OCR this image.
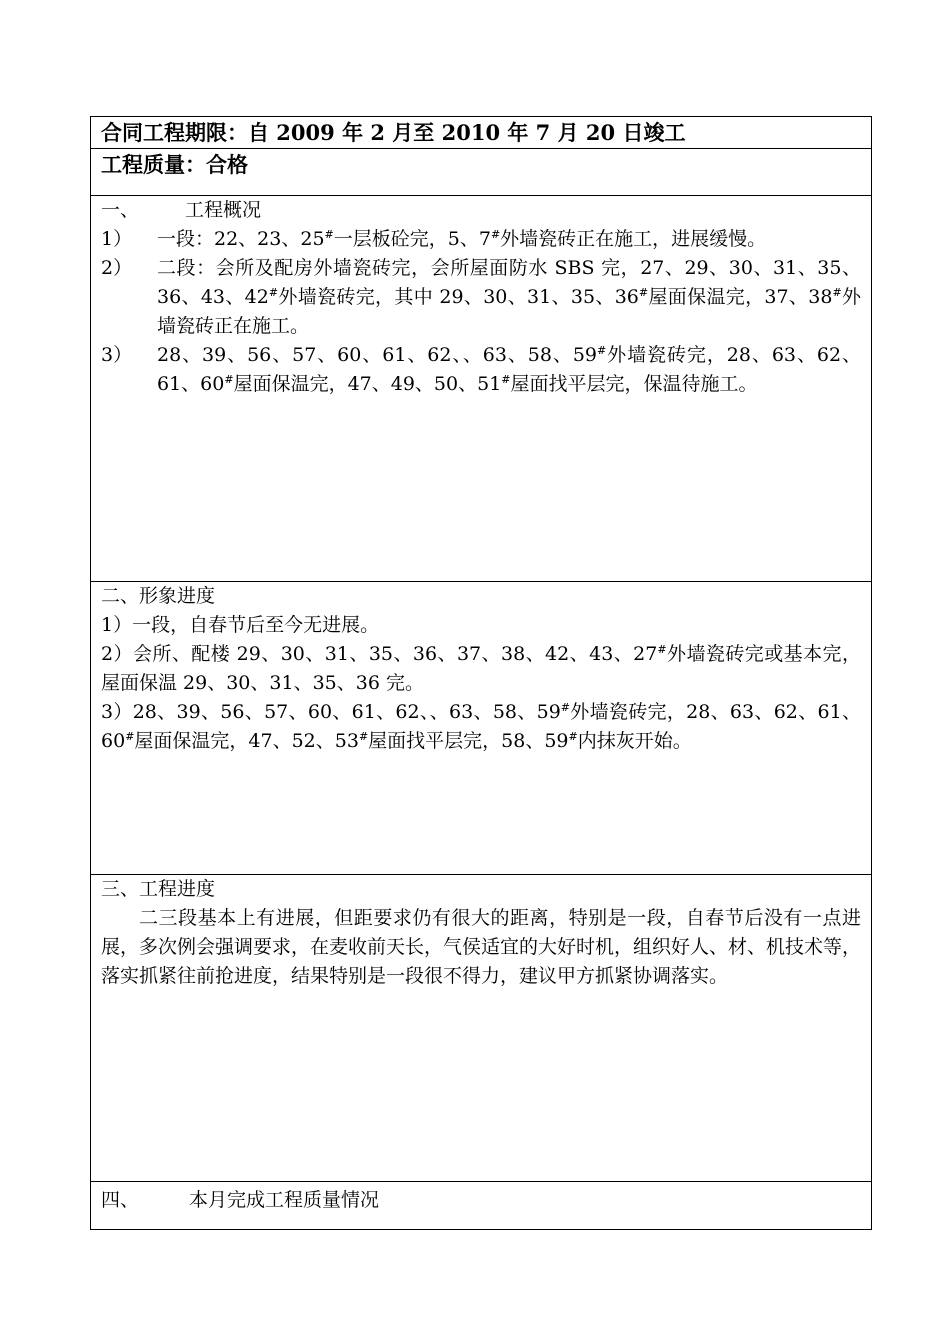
合同工程期限：自 2009 年 2 月至 2010 年 7 月 20 日竣工
工程质量：合格
一、 工程概况
1）	一段：22、23、25#一层板砼完，5、7#外墙瓷砖正在施工，进展缓慢。
2）	二段：会所及配房外墙瓷砖完，会所屋面防水 SBS 完，27、29、30、31、35、36、43、42#外墙瓷砖完，其中 29、30、31、35、36#屋面保温完，37、38#外墙瓷砖正在施工。
3）	28、39、56、57、60、61、62、、63、58、59#外墙瓷砖完，28、63、62、61、60#屋面保温完，47、49、50、51#屋面找平层完，保温待施工。
二、形象进度
1）一段，自春节后至今无进展。
2）会所、配楼 29、30、31、35、36、37、38、42、43、27#外墙瓷砖完或基本完，屋面保温 29、30、31、35、36 完。
3）28、39、56、57、60、61、62、、63、58、59#外墙瓷砖完，28、63、62、61、60#屋面保温完，47、52、53#屋面找平层完，58、59#内抹灰开始。
三、工程进度
二三段基本上有进展，但距要求仍有很大的距离，特别是一段，自春节后没有一点进展，多次例会强调要求，在麦收前天长，气侯适宜的大好时机，组织好人、材、机技术等，落实抓紧往前抢进度，结果特别是一段很不得力，建议甲方抓紧协调落实。
四、	本月完成工程质量情况
